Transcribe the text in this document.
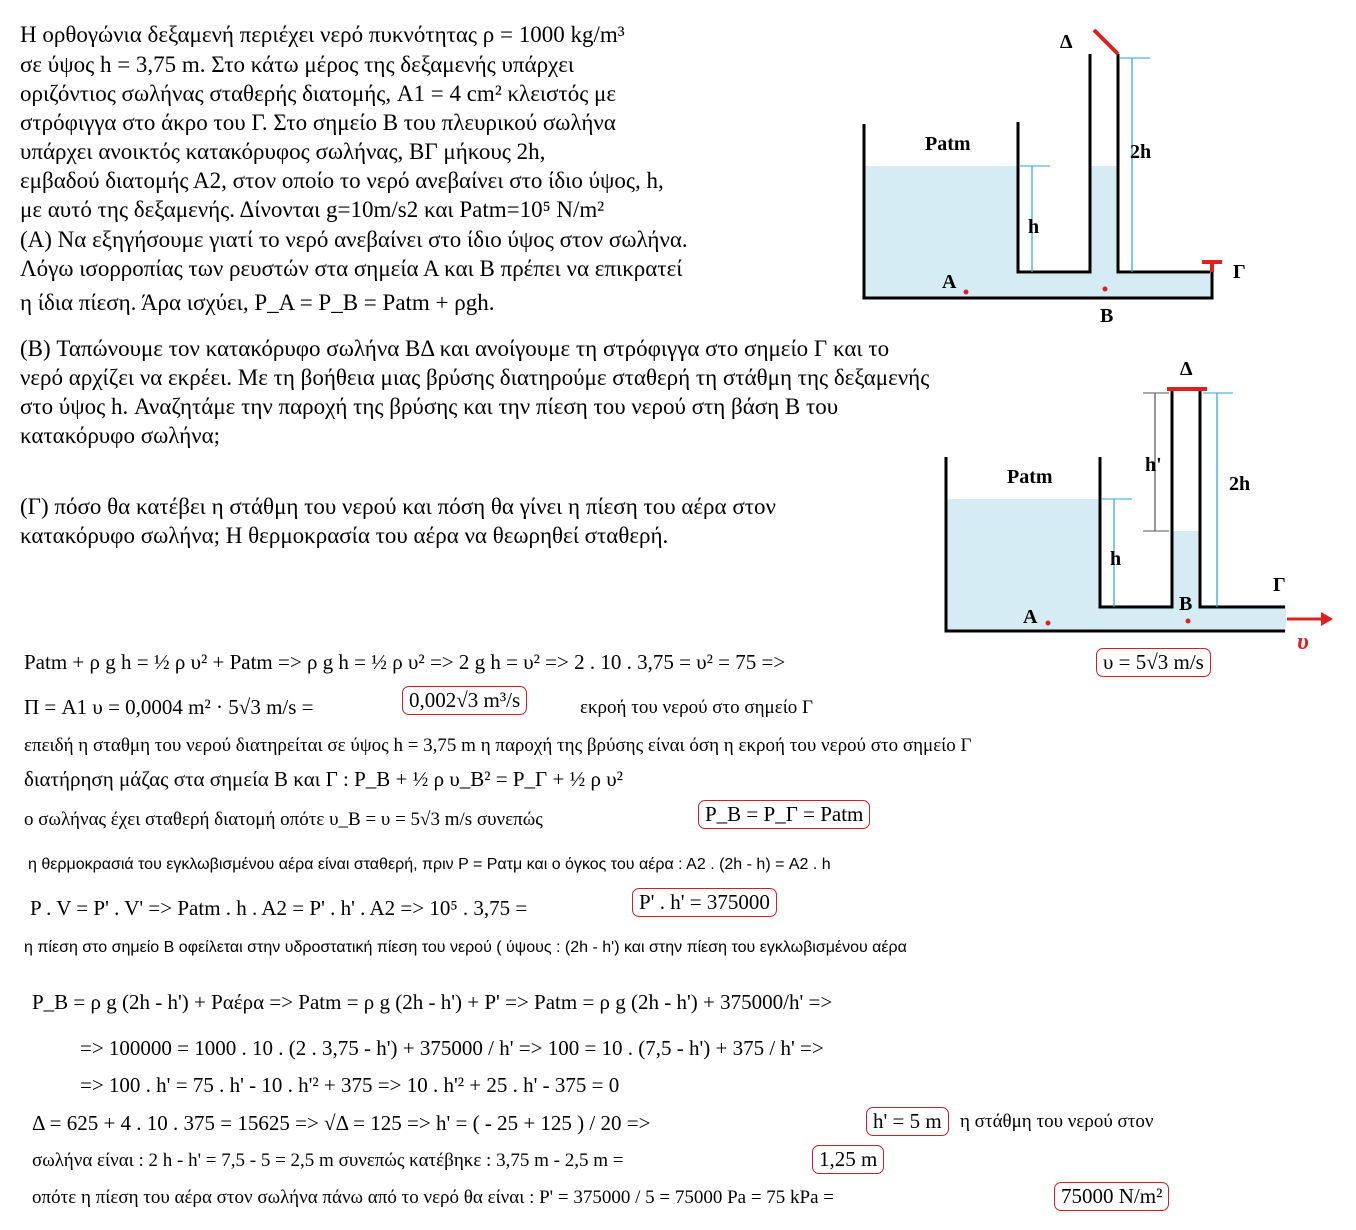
Η ορθογώνια δεξαμενή περιέχει νερό πυκνότητας ρ = 1000 kg/m³
σε ύψος h = 3,75 m. Στο κάτω μέρος της δεξαμενής υπάρχει
οριζόντιος σωλήνας σταθερής διατομής, A1 = 4 cm² κλειστός με
στρόφιγγα στο άκρο του Γ. Στο σημείο Β του πλευρικού σωλήνα
υπάρχει ανοικτός κατακόρυφος σωλήνας, ΒΓ μήκους 2h,
εμβαδού διατομής Α2, στον οποίο το νερό ανεβαίνει στο ίδιο ύψος, h,
με αυτό της δεξαμενής. Δίνονται g=10m/s2 και Patm=10⁵ N/m²
(A) Να εξηγήσουμε γιατί το νερό ανεβαίνει στο ίδιο ύψος στον σωλήνα.
Λόγω ισορροπίας των ρευστών στα σημεία Α και Β πρέπει να επικρατεί
η ίδια πίεση. Άρα ισχύει, P_A = P_B = Patm + ρgh.
(B) Ταπώνουμε τον κατακόρυφο σωλήνα ΒΔ και ανοίγουμε τη στρόφιγγα στο σημείο Γ και το
νερό αρχίζει να εκρέει. Με τη βοήθεια μιας βρύσης διατηρούμε σταθερή τη στάθμη της δεξαμενής
στο ύψος h. Αναζητάμε την παροχή της βρύσης και την πίεση του νερού στη βάση Β του
κατακόρυφο σωλήνα;
(Γ) πόσο θα κατέβει η στάθμη του νερού και πόση θα γίνει η πίεση του αέρα στον
κατακόρυφο σωλήνα; Η θερμοκρασία του αέρα να θεωρηθεί σταθερή.
Patm
h
2h
Δ
A
B
Γ
Patm
h
h'
2h
Δ
A
B
Γ
υ
Patm + ρ g h = ½ ρ υ² + Patm => ρ g h = ½ ρ υ² => 2 g h = υ² => 2 . 10 . 3,75 = υ² = 75 =>	υ = 5√3 m/s
Π = A1 υ = 0,0004 m² · 5√3 m/s =	0,002√3 m³/s	εκροή του νερού στο σημείο Γ
επειδή η σταθμη του νερού διατηρείται σε ύψος h = 3,75 m η παροχή της βρύσης είναι όση η εκροή του νερού στο σημείο Γ
διατήρηση μάζας στα σημεία Β και Γ : P_B + ½ ρ υ_B² = P_Γ + ½ ρ υ²
ο σωλήνας έχει σταθερή διατομή οπότε υ_B = υ = 5√3 m/s συνεπώς	P_B = P_Γ = Patm
η θερμοκρασιά του εγκλωβισμένου αέρα είναι σταθερή, πριν P = Ρατμ και ο όγκος του αέρα : Α2 . (2h - h) = A2 . h
P . V = P' . V' => Patm . h . A2 = P' . h' . A2 => 10⁵ . 3,75 =	P' . h' = 375000
η πίεση στο σημείο Β οφείλεται στην υδροστατική πίεση του νερού ( ύψους : (2h - h') και στην πίεση του εγκλωβισμένου αέρα
P_B = ρ g (2h - h') + Ραέρα => Patm = ρ g (2h - h') + P' => Patm = ρ g (2h - h') + 375000/h' =>
=> 100000 = 1000 . 10 . (2 . 3,75 - h') + 375000 / h' => 100 = 10 . (7,5 - h') + 375 / h' =>
=> 100 . h' = 75 . h' - 10 . h'² + 375 => 10 . h'² + 25 . h' - 375 = 0
Δ = 625 + 4 . 10 . 375 = 15625 => √Δ = 125 => h' = ( - 25 + 125 ) / 20 =>	h' = 5 m η στάθμη του νερού στον
σωλήνα είναι : 2 h - h' = 7,5 - 5 = 2,5 m συνεπώς κατέβηκε : 3,75 m - 2,5 m =	1,25 m
οπότε η πίεση του αέρα στον σωλήνα πάνω από το νερό θα είναι : P' = 375000 / 5 = 75000 Pa = 75 kPa =	75000 N/m²
